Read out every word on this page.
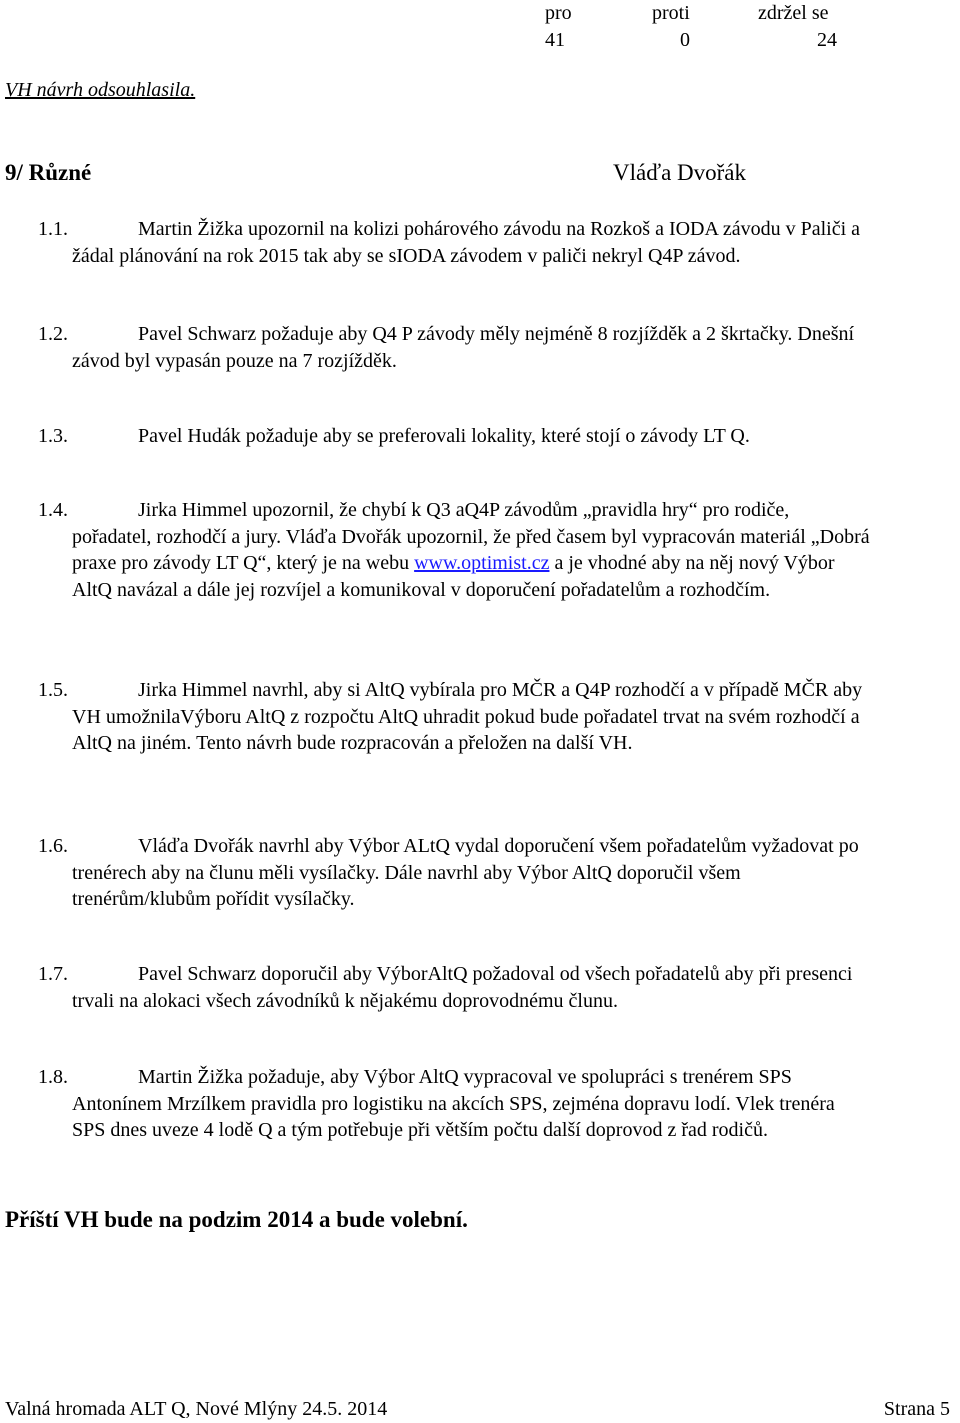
pro	proti	zdržel se
41	0	24
VH návrh odsouhlasila.
9/ Různé	Vláďa Dvořák
1.1.	Martin Žižka upozornil na kolizi pohárového závodu na Rozkoš a IODA závodu v Paliči a žádal plánování na rok 2015 tak aby se sIODA závodem v paliči nekryl Q4P závod.
1.2.	Pavel Schwarz požaduje aby Q4 P závody měly nejméně 8 rozjížděk a 2 škrtačky. Dnešní závod byl vypasán pouze na 7 rozjížděk.
1.3.	Pavel Hudák požaduje aby se preferovali lokality, které stojí o závody LT Q.
1.4.	Jirka Himmel upozornil, že chybí k Q3 aQ4P závodům „pravidla hry“ pro rodiče, pořadatel, rozhodčí a jury. Vláďa Dvořák upozornil, že před časem byl vypracován materiál „Dobrá praxe pro závody LT Q“, který je na webu www.optimist.cz a je vhodné aby na něj nový Výbor AltQ navázal a dále jej rozvíjel a komunikoval v doporučení pořadatelům a rozhodčím.
1.5.	Jirka Himmel navrhl, aby si AltQ vybírala pro MČR a Q4P rozhodčí a v případě MČR aby VH umožnilaVýboru AltQ z rozpočtu AltQ uhradit pokud bude pořadatel trvat na svém rozhodčí a AltQ na jiném. Tento návrh bude rozpracován a přeložen na další VH.
1.6.	Vláďa Dvořák navrhl aby Výbor ALtQ vydal doporučení všem pořadatelům vyžadovat po trenérech aby na člunu měli vysílačky. Dále navrhl aby Výbor AltQ doporučil všem trenérům/klubům pořídit vysílačky.
1.7.	Pavel Schwarz doporučil aby VýborAltQ požadoval od všech pořadatelů aby při presenci trvali na alokaci všech závodníků k nějakému doprovodnému člunu.
1.8.	Martin Žižka požaduje, aby Výbor AltQ vypracoval ve spolupráci s trenérem SPS Antonínem Mrzílkem pravidla pro logistiku na akcích SPS, zejména dopravu lodí. Vlek trenéra SPS dnes uveze 4 lodě Q a tým potřebuje při větším počtu další doprovod z řad rodičů.
Příští VH bude na podzim 2014 a bude volební.
Valná hromada ALT Q, Nové Mlýny 24.5. 2014	Strana 5
